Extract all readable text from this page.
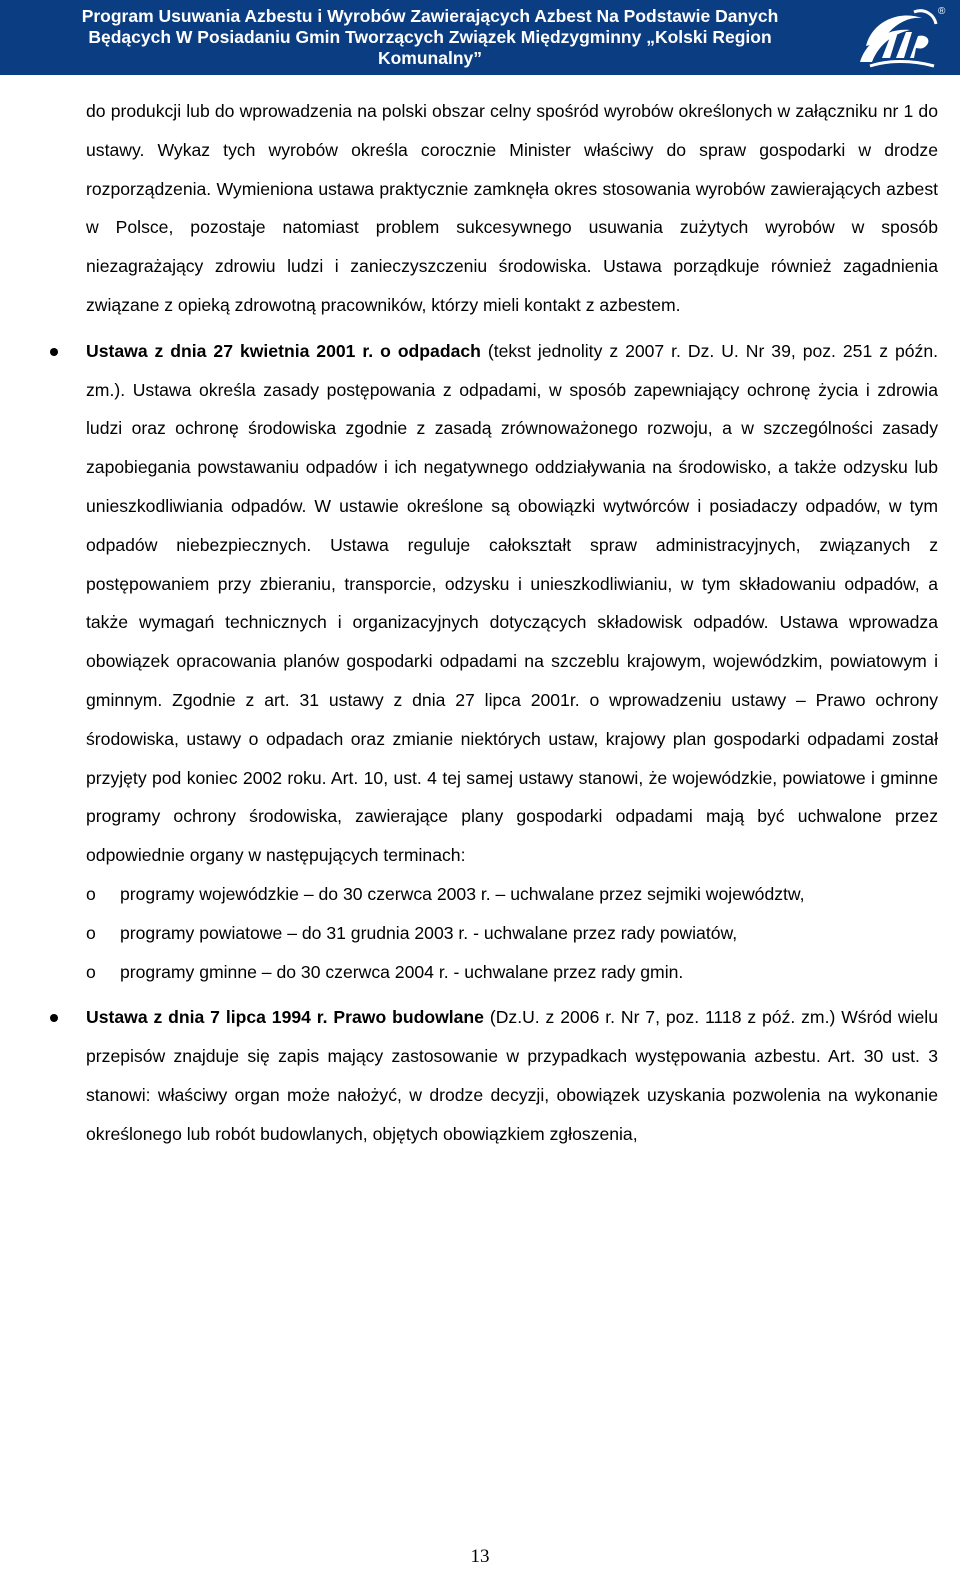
Program Usuwania Azbestu i Wyrobów Zawierających Azbest Na Podstawie Danych
Będących W Posiadaniu Gmin Tworzących Związek Międzygminny „Kolski Region
Komunalny”
®

do produkcji lub do wprowadzenia na polski obszar celny spośród wyrobów określonych w załączniku nr 1 do ustawy. Wykaz tych wyrobów określa corocznie Minister właściwy do spraw gospodarki w drodze rozporządzenia. Wymieniona ustawa praktycznie zamknęła okres stosowania wyrobów zawierających azbest w Polsce, pozostaje natomiast problem sukcesywnego usuwania zużytych wyrobów w sposób niezagrażający zdrowiu ludzi i zanieczyszczeniu środowiska. Ustawa porządkuje również zagadnienia związane z opieką zdrowotną pracowników, którzy mieli kontakt z azbestem.

Ustawa z dnia 27 kwietnia 2001 r. o odpadach (tekst jednolity z 2007 r. Dz. U. Nr 39, poz. 251 z późn. zm.). Ustawa określa zasady postępowania z odpadami, w sposób zapewniający ochronę życia i zdrowia ludzi oraz ochronę środowiska zgodnie z zasadą zrównoważonego rozwoju, a w szczególności zasady zapobiegania powstawaniu odpadów i ich negatywnego oddziaływania na środowisko, a także odzysku lub unieszkodliwiania odpadów. W ustawie określone są obowiązki wytwórców i posiadaczy odpadów, w tym odpadów niebezpiecznych. Ustawa reguluje całokształt spraw administracyjnych, związanych z postępowaniem przy zbieraniu, transporcie, odzysku i unieszkodliwianiu, w tym składowaniu odpadów, a także wymagań technicznych i organizacyjnych dotyczących składowisk odpadów. Ustawa wprowadza obowiązek opracowania planów gospodarki odpadami na szczeblu krajowym, wojewódzkim, powiatowym i gminnym. Zgodnie z art. 31 ustawy z dnia 27 lipca 2001r. o wprowadzeniu ustawy – Prawo ochrony środowiska, ustawy o odpadach oraz zmianie niektórych ustaw, krajowy plan gospodarki odpadami został przyjęty pod koniec 2002 roku. Art. 10, ust. 4 tej samej ustawy stanowi, że wojewódzkie, powiatowe i gminne programy ochrony środowiska, zawierające plany gospodarki odpadami mają być uchwalone przez odpowiednie organy w następujących terminach:
o programy wojewódzkie – do 30 czerwca 2003 r. – uchwalane przez sejmiki województw,
o programy powiatowe – do 31 grudnia 2003 r. - uchwalane przez rady powiatów,
o programy gminne – do 30 czerwca 2004 r. - uchwalane przez rady gmin.
Ustawa z dnia 7 lipca 1994 r. Prawo budowlane (Dz.U. z 2006 r. Nr 7, poz. 1118 z póź. zm.) Wśród wielu przepisów znajduje się zapis mający zastosowanie w przypadkach występowania azbestu. Art. 30 ust. 3 stanowi: właściwy organ może nałożyć, w drodze decyzji, obowiązek uzyskania pozwolenia na wykonanie określonego lub robót budowlanych, objętych obowiązkiem zgłoszenia,
13
